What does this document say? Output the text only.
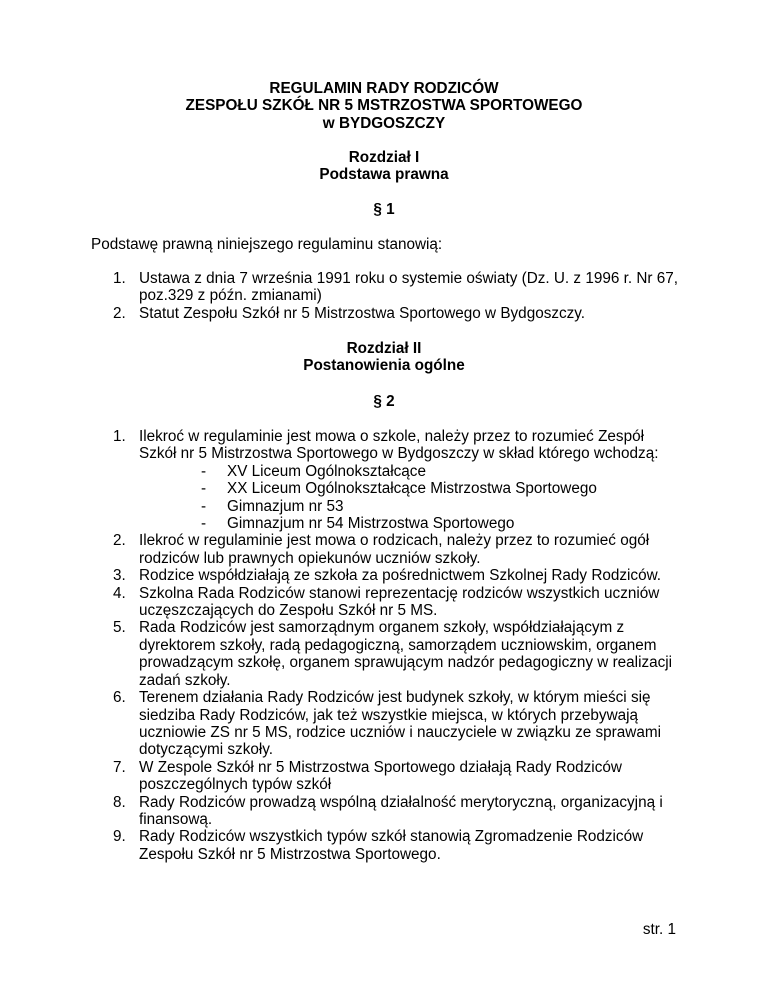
REGULAMIN RADY RODZICÓW
ZESPOŁU SZKÓŁ NR 5 MSTRZOSTWA SPORTOWEGO
w BYDGOSZCZY
Rozdział I
Podstawa prawna
§ 1
Podstawę prawną niniejszego regulaminu stanowią:
1. Ustawa z dnia 7 września 1991 roku o systemie oświaty (Dz. U. z 1996 r. Nr 67, poz.329 z późn. zmianami)
2. Statut Zespołu Szkół nr 5 Mistrzostwa Sportowego w Bydgoszczy.
Rozdział II
Postanowienia ogólne
§ 2
1. Ilekroć w regulaminie jest mowa o szkole, należy przez to rozumieć Zespół Szkół nr 5 Mistrzostwa Sportowego w Bydgoszczy w skład którego wchodzą:
- XV Liceum Ogólnokształcące
- XX Liceum Ogólnokształcące Mistrzostwa Sportowego
- Gimnazjum nr 53
- Gimnazjum nr 54 Mistrzostwa Sportowego
2. Ilekroć w regulaminie jest mowa o rodzicach, należy przez to rozumieć ogół rodziców lub prawnych opiekunów uczniów szkoły.
3. Rodzice współdziałają ze szkoła za pośrednictwem Szkolnej Rady Rodziców.
4. Szkolna Rada Rodziców stanowi reprezentację rodziców wszystkich uczniów uczęszczających do Zespołu Szkół nr 5 MS.
5. Rada Rodziców jest samorządnym organem szkoły, współdziałającym z dyrektorem szkoły, radą pedagogiczną, samorządem uczniowskim, organem prowadzącym szkołę, organem sprawującym nadzór pedagogiczny w realizacji zadań szkoły.
6. Terenem działania Rady Rodziców jest budynek szkoły, w którym mieści się siedziba Rady Rodziców, jak też wszystkie miejsca, w których przebywają uczniowie ZS nr 5 MS, rodzice uczniów i nauczyciele w związku ze sprawami dotyczącymi szkoły.
7. W Zespole Szkół nr 5 Mistrzostwa Sportowego działają Rady Rodziców poszczególnych typów szkół
8. Rady Rodziców prowadzą wspólną działalność merytoryczną, organizacyjną i finansową.
9. Rady Rodziców wszystkich typów szkół stanowią Zgromadzenie Rodziców Zespołu Szkół nr 5 Mistrzostwa Sportowego.
str. 1
